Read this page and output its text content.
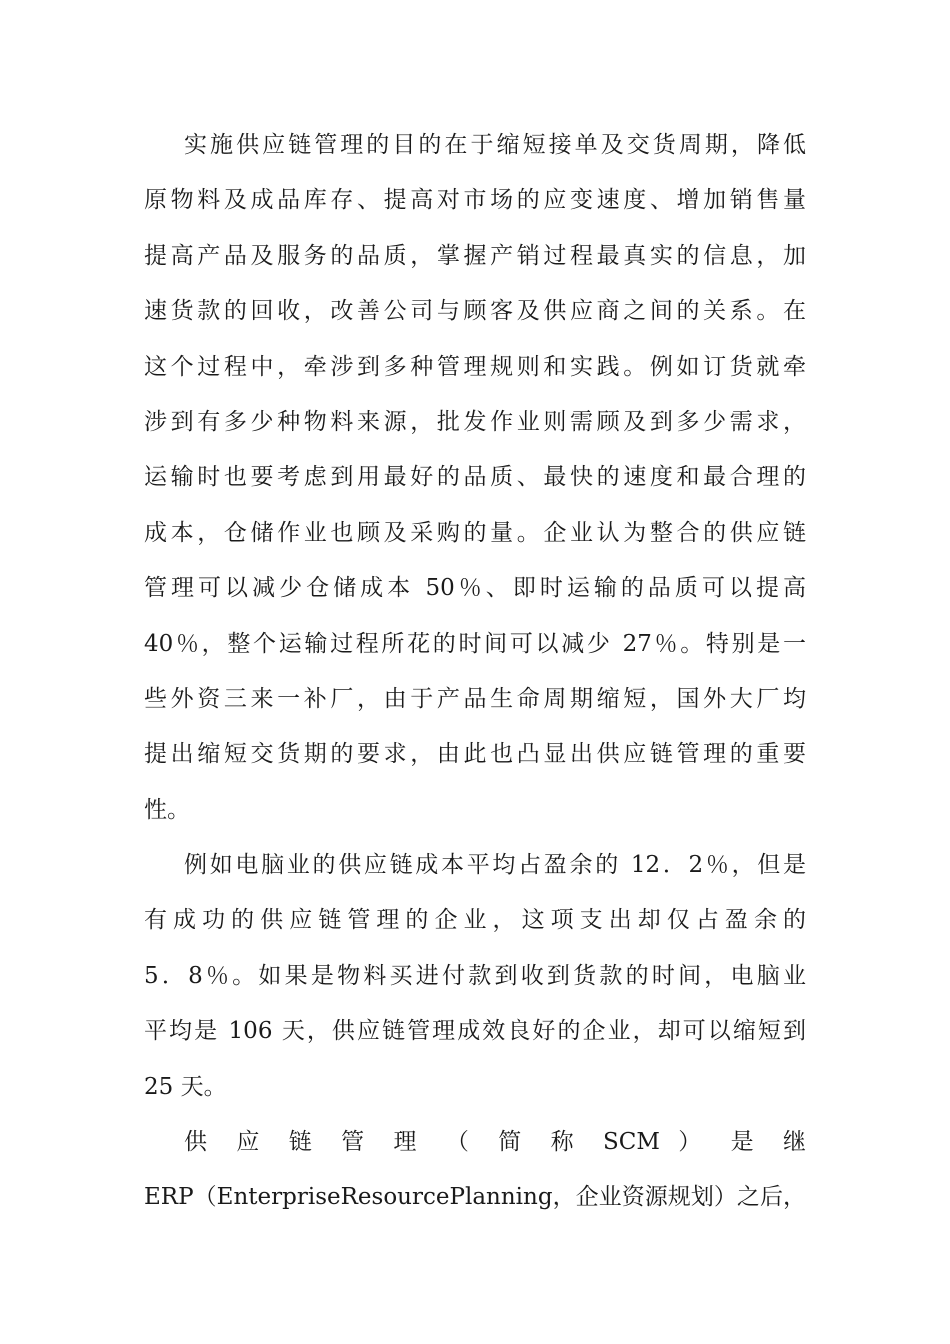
实施供应链管理的目的在于缩短接单及交货周期，降低
原物料及成品库存、提高对市场的应变速度、增加销售量
提高产品及服务的品质，掌握产销过程最真实的信息，加
速货款的回收，改善公司与顾客及供应商之间的关系。在
这个过程中，牵涉到多种管理规则和实践。例如订货就牵
涉到有多少种物料来源，批发作业则需顾及到多少需求，
运输时也要考虑到用最好的品质、最快的速度和最合理的
成本，仓储作业也顾及采购的量。企业认为整合的供应链
管理可以减少仓储成本 50％、即时运输的品质可以提高
40％，整个运输过程所花的时间可以减少 27％。特别是一
些外资三来一补厂，由于产品生命周期缩短，国外大厂均
提出缩短交货期的要求，由此也凸显出供应链管理的重要
性。
例如电脑业的供应链成本平均占盈余的 12．2％，但是
有成功的供应链管理的企业，这项支出却仅占盈余的
5．8％。如果是物料买进付款到收到货款的时间，电脑业
平均是 106 天，供应链管理成效良好的企业，却可以缩短到
25 天。
供 应 链 管 理 （ 简 称 SCM ） 是 继
ERP（EnterpriseResourcePlanning，企业资源规划）之后，
